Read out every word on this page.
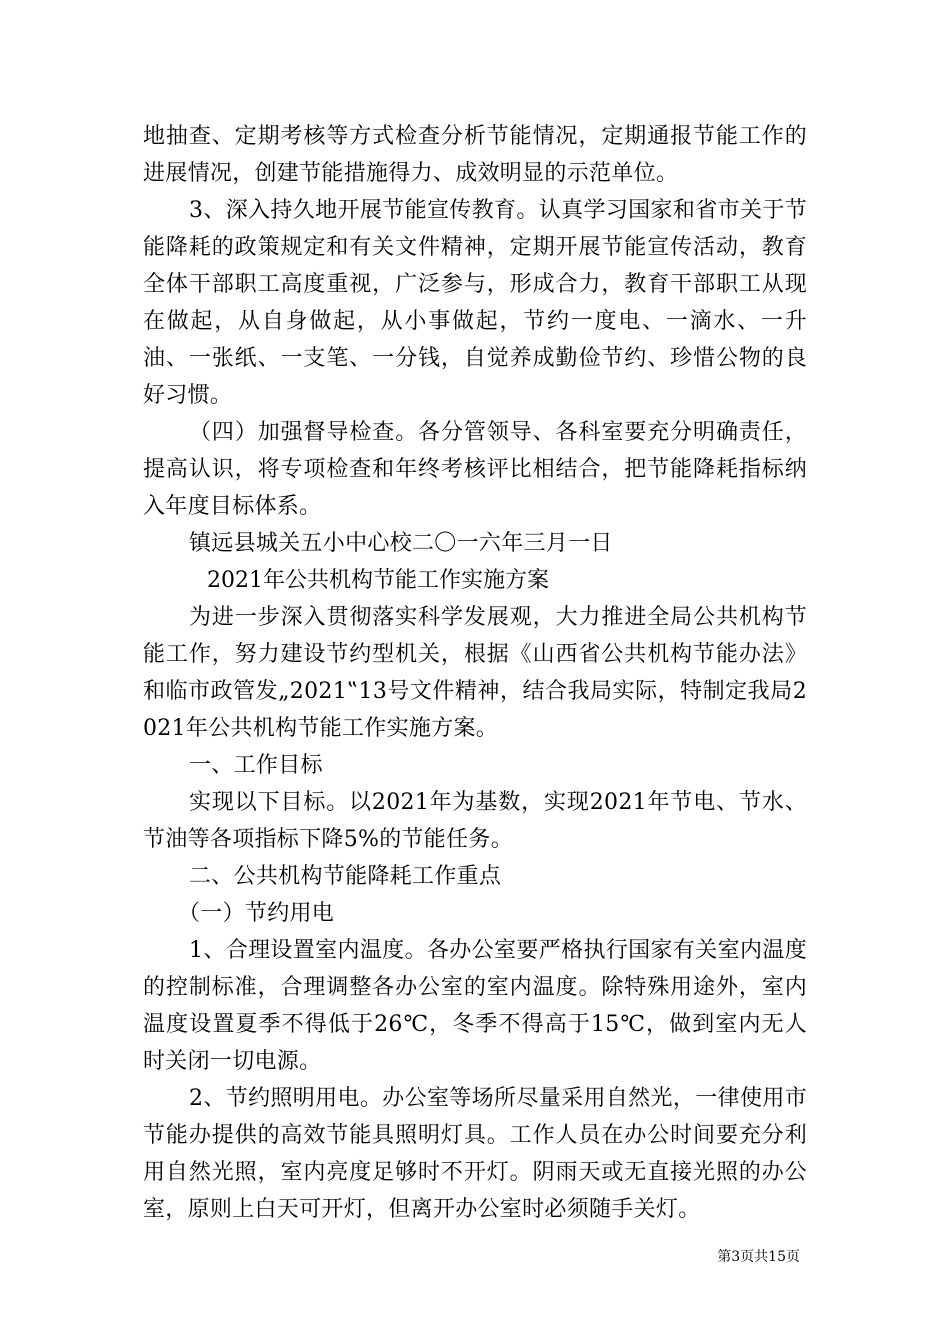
地抽查、定期考核等方式检查分析节能情况，定期通报节能工作的进展情况，创建节能措施得力、成效明显的示范单位。

3、深入持久地开展节能宣传教育。认真学习国家和省市关于节能降耗的政策规定和有关文件精神，定期开展节能宣传活动，教育全体干部职工高度重视，广泛参与，形成合力，教育干部职工从现在做起，从自身做起，从小事做起，节约一度电、一滴水、一升油、一张纸、一支笔、一分钱，自觉养成勤俭节约、珍惜公物的良好习惯。

（四）加强督导检查。各分管领导、各科室要充分明确责任，提高认识，将专项检查和年终考核评比相结合，把节能降耗指标纳入年度目标体系。

镇远县城关五小中心校二〇一六年三月一日

2021年公共机构节能工作实施方案

为进一步深入贯彻落实科学发展观，大力推进全局公共机构节能工作，努力建设节约型机关，根据《山西省公共机构节能办法》和临市政管发„2021‟13号文件精神，结合我局实际，特制定我局2021年公共机构节能工作实施方案。

一、工作目标

实现以下目标。以2021年为基数，实现2021年节电、节水、节油等各项指标下降5%的节能任务。

二、公共机构节能降耗工作重点

（一）节约用电

1、合理设置室内温度。各办公室要严格执行国家有关室内温度的控制标准，合理调整各办公室的室内温度。除特殊用途外，室内温度设置夏季不得低于26℃，冬季不得高于15℃，做到室内无人时关闭一切电源。

2、节约照明用电。办公室等场所尽量采用自然光，一律使用市节能办提供的高效节能具照明灯具。工作人员在办公时间要充分利用自然光照，室内亮度足够时不开灯。阴雨天或无直接光照的办公室，原则上白天可开灯，但离开办公室时必须随手关灯。

第3页共15页
